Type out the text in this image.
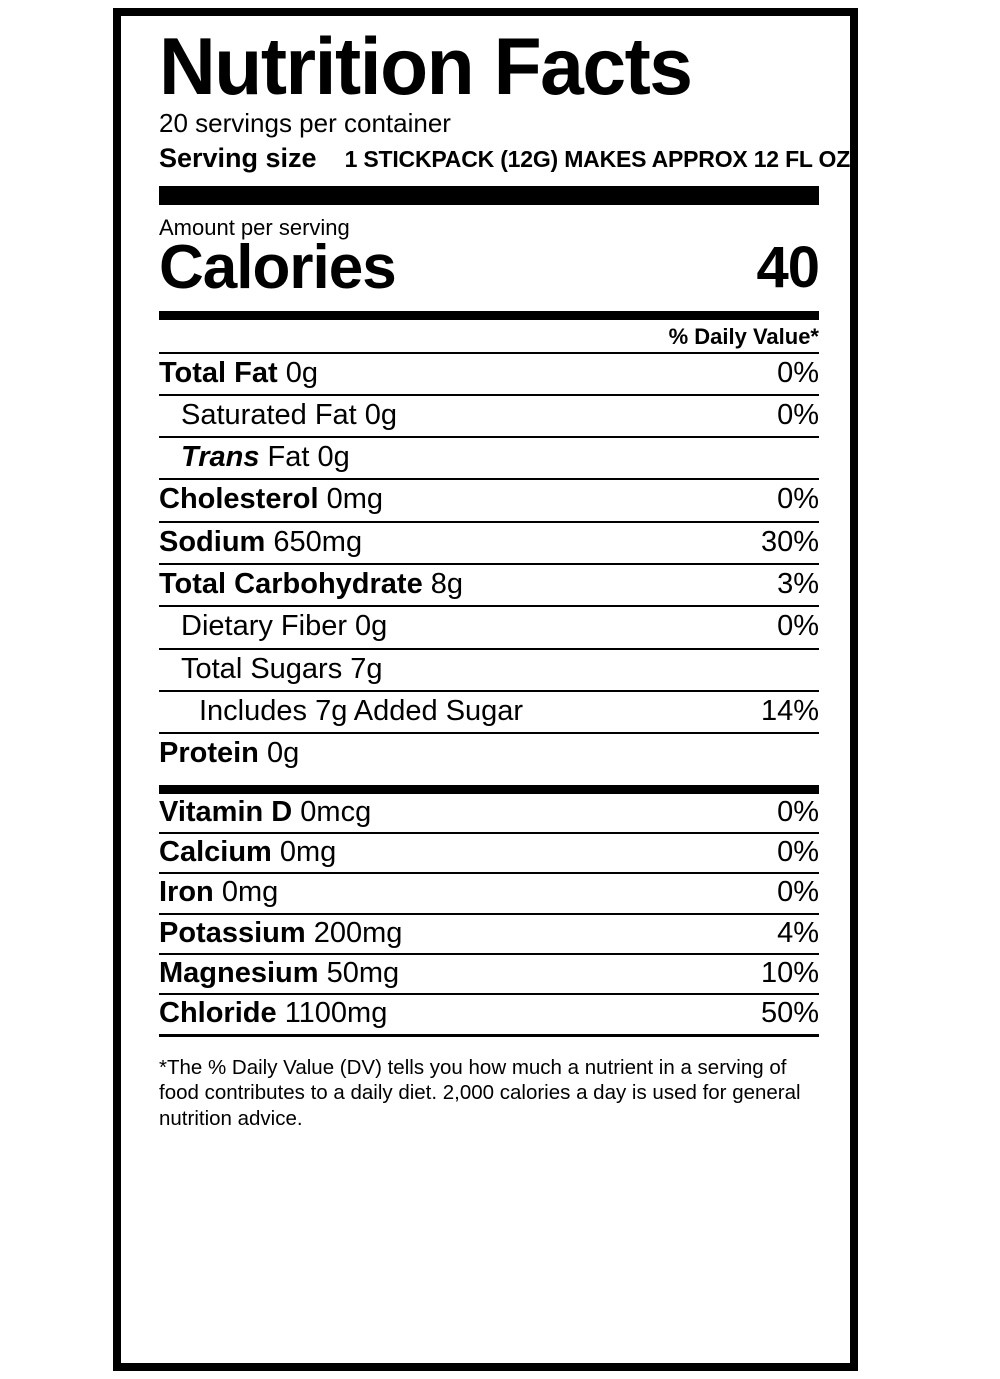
Nutrition Facts
20 servings per container
Serving size 1 STICKPACK (12G) MAKES APPROX 12 FL OZ
Amount per serving
Calories	40
% Daily Value*
Total Fat 0g	0%
Saturated Fat 0g	0%
Trans Fat 0g
Cholesterol 0mg	0%
Sodium 650mg	30%
Total Carbohydrate 8g	3%
Dietary Fiber 0g	0%
Total Sugars 7g
Includes 7g Added Sugar	14%
Protein 0g
Vitamin D 0mcg	0%
Calcium 0mg	0%
Iron 0mg	0%
Potassium 200mg	4%
Magnesium 50mg	10%
Chloride 1100mg	50%
*The % Daily Value (DV) tells you how much a nutrient in a serving of food contributes to a daily diet. 2,000 calories a day is used for general nutrition advice.
